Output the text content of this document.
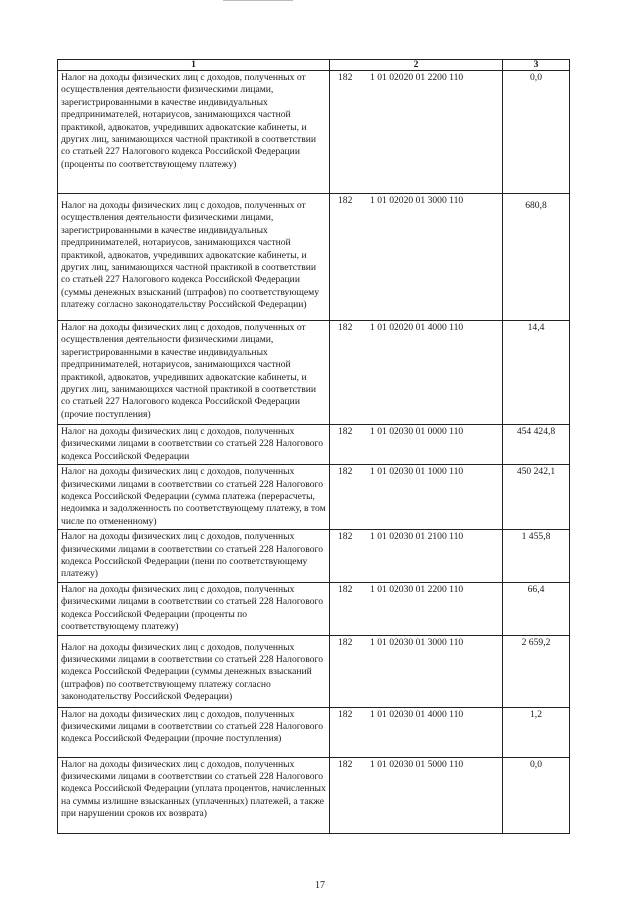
1	2	3
Налог на доходы физических лиц с доходов, полученных от осуществления деятельности физическими лицами, зарегистрированными в качестве индивидуальных предпринимателей, нотариусов, занимающихся частной практикой, адвокатов, учредивших адвокатские кабинеты, и других лиц, занимающихся частной практикой в соответствии со статьей 227 Налогового кодекса Российской Федерации (проценты по соответствующему платежу)	182 1 01 02020 01 2200 110	0,0
Налог на доходы физических лиц с доходов, полученных от осуществления деятельности физическими лицами, зарегистрированными в качестве индивидуальных предпринимателей, нотариусов, занимающихся частной практикой, адвокатов, учредивших адвокатские кабинеты, и других лиц, занимающихся частной практикой в соответствии со статьей 227 Налогового кодекса Российской Федерации (суммы денежных взысканий (штрафов) по соответствующему платежу согласно законодательству Российской Федерации)	182 1 01 02020 01 3000 110	680,8
Налог на доходы физических лиц с доходов, полученных от осуществления деятельности физическими лицами, зарегистрированными в качестве индивидуальных предпринимателей, нотариусов, занимающихся частной практикой, адвокатов, учредивших адвокатские кабинеты, и других лиц, занимающихся частной практикой в соответствии со статьей 227 Налогового кодекса Российской Федерации (прочие поступления)	182 1 01 02020 01 4000 110	14,4
Налог на доходы физических лиц с доходов, полученных физическими лицами в соответствии со статьей 228 Налогового кодекса Российской Федерации	182 1 01 02030 01 0000 110	454 424,8
Налог на доходы физических лиц с доходов, полученных физическими лицами в соответствии со статьей 228 Налогового кодекса Российской Федерации (сумма платежа (перерасчеты, недоимка и задолженность по соответствующему платежу, в том числе по отмененному)	182 1 01 02030 01 1000 110	450 242,1
Налог на доходы физических лиц с доходов, полученных физическими лицами в соответствии со статьей 228 Налогового кодекса Российской Федерации (пени по соответствующему платежу)	182 1 01 02030 01 2100 110	1 455,8
Налог на доходы физических лиц с доходов, полученных физическими лицами в соответствии со статьей 228 Налогового кодекса Российской Федерации (проценты по соответствующему платежу)	182 1 01 02030 01 2200 110	66,4
Налог на доходы физических лиц с доходов, полученных физическими лицами в соответствии со статьей 228 Налогового кодекса Российской Федерации (суммы денежных взысканий (штрафов) по соответствующему платежу согласно законодательству Российской Федерации)	182 1 01 02030 01 3000 110	2 659,2
Налог на доходы физических лиц с доходов, полученных физическими лицами в соответствии со статьей 228 Налогового кодекса Российской Федерации (прочие поступления)	182 1 01 02030 01 4000 110	1,2
Налог на доходы физических лиц с доходов, полученных физическими лицами в соответствии со статьей 228 Налогового кодекса Российской Федерации (уплата процентов, начисленных на суммы излишне взысканных (уплаченных) платежей, а также при нарушении сроков их возврата)	182 1 01 02030 01 5000 110	0,0
17
